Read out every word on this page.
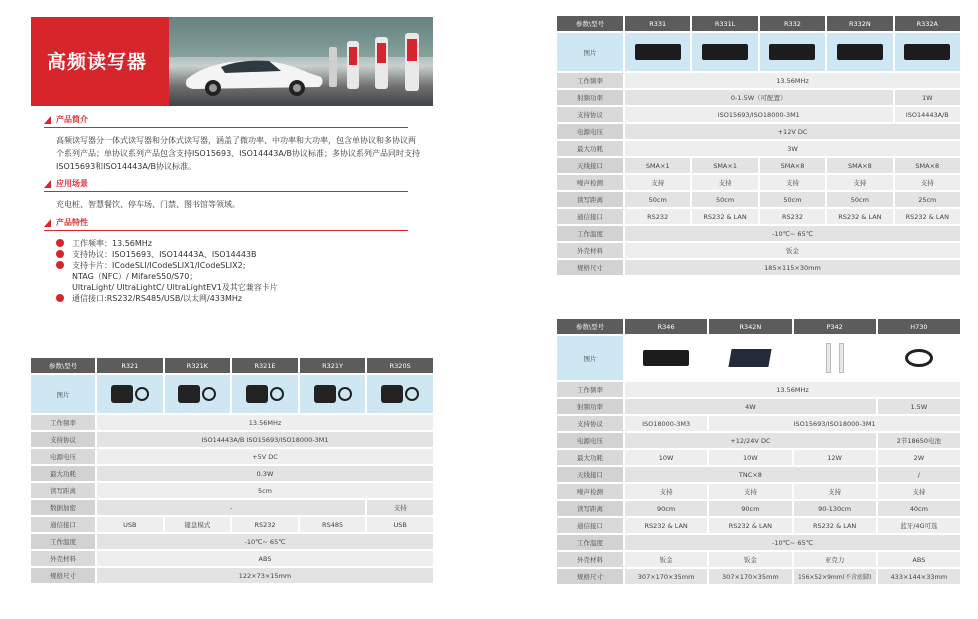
高频读写器
产品简介
高频读写器分一体式读写器和分体式读写器，涵盖了微功率、中功率和大功率，包含单协议和多协议两
个系列产品；单协议系列产品包含支持ISO15693、ISO14443A/B协议标准；多协议系列产品同时支持
ISO15693和ISO14443A/B协议标准。
应用场景
充电桩、智慧餐饮、停车场、门禁、图书馆等领域。
产品特性
工作频率：13.56MHz
支持协议：ISO15693、ISO14443A、ISO14443B
支持卡片：ICodeSLI/ICodeSLIX1/ICodeSLIX2;
NTAG（NFC）/ MifareS50/S70；
UltraLight/ UltraLightC/ UltraLightEV1及其它兼容卡片
通信接口:RS232/RS485/USB/以太网/433MHz
参数\型号	R321	R321K	R321E	R321Y	R320S
图片					
工作频率	13.56MHz				
支持协议	ISO14443A/B ISO15693/ISO18000-3M1				
电源电压	+5V DC				
最大功耗	0.3W				
读写距离	5cm				
数据加密	-				支持
通信接口	USB	键盘模式	RS232	RS485	USB
工作温度	-10℃~ 65℃				
外壳材料	ABS				
规格尺寸	122×73×15mm				
参数\型号	R331	R331L	R332	R332N	R332A
图片					
工作频率	13.56MHz				
射频功率	0-1.5W（可配置）				1W
支持协议	ISO15693/ISO18000-3M1				ISO14443A/B
电源电压	+12V DC				
最大功耗	3W				
天线接口	SMA×1	SMA×1	SMA×8	SMA×8	SMA×8
噪声检测	支持	支持	支持	支持	支持
读写距离	50cm	50cm	50cm	50cm	25cm
通信接口	RS232	RS232 & LAN	RS232	RS232 & LAN	RS232 & LAN
工作温度	-10℃~ 65℃				
外壳材料	钣金				
规格尺寸	185×115×30mm				
参数\型号	R346	R342N	P342	H730
图片				
工作频率	13.56MHz			
射频功率	4W			1.5W
支持协议	ISO18000-3M3	ISO15693/ISO18000-3M1		
电源电压	+12/24V DC			2节18650电池
最大功耗	10W	10W	12W	2W
天线接口	TNC×8			/
噪声检测	支持	支持	支持	支持
读写距离	90cm	90cm	90-130cm	40cm
通信接口	RS232 & LAN	RS232 & LAN	RS232 & LAN	蓝牙/4G可选
工作温度	-10℃~ 65℃			
外壳材料	钣金	钣金	亚克力	ABS
规格尺寸	307×170×35mm	307×170×35mm	156×52×9mm(不含底脚)	433×144×33mm
